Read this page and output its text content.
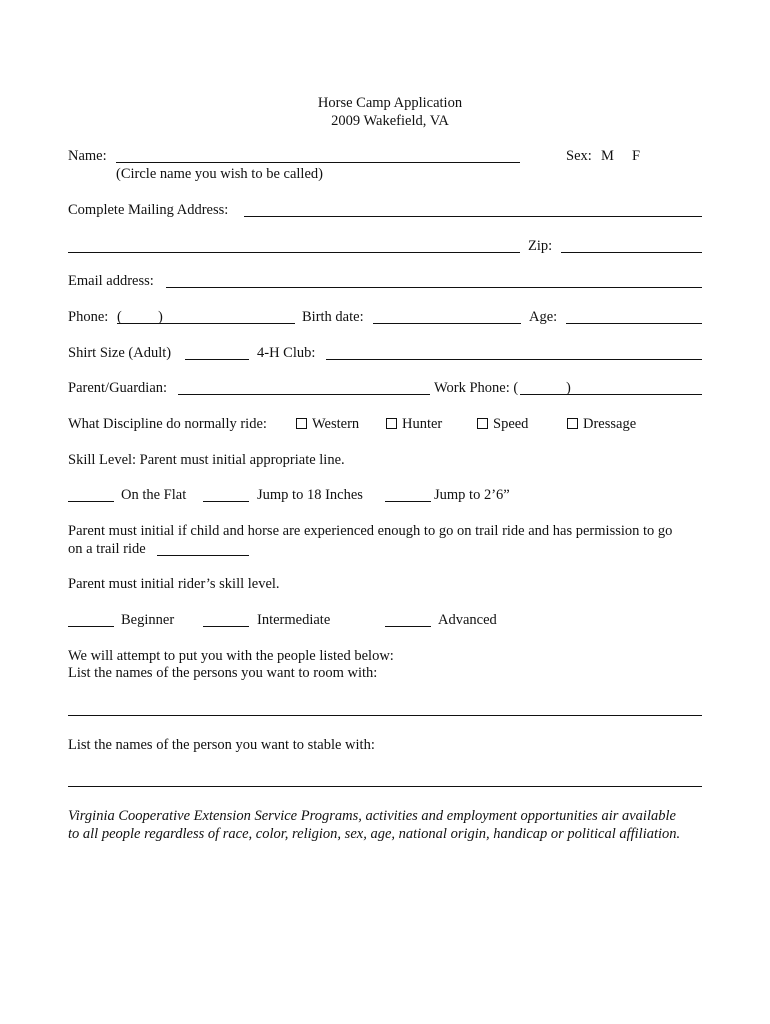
Horse Camp Application
2009 Wakefield, VA
Name:	Sex: M F
(Circle name you wish to be called)
Complete Mailing Address:
Zip:
Email address:
Phone: ( )	Birth date:	Age:
Shirt Size (Adult)	4-H Club:
Parent/Guardian:	Work Phone: (	)
What Discipline do normally ride:	Western	Hunter	Speed	Dressage
Skill Level: Parent must initial appropriate line.
On the Flat	Jump to 18 Inches	Jump to 2’6”
Parent must initial if child and horse are experienced enough to go on trail ride and has permission to go
on a trail ride
Parent must initial rider’s skill level.
Beginner	Intermediate	Advanced
We will attempt to put you with the people listed below:
List the names of the persons you want to room with:
List the names of the person you want to stable with:
Virginia Cooperative Extension Service Programs, activities and employment opportunities air available
to all people regardless of race, color, religion, sex, age, national origin, handicap or political affiliation.
